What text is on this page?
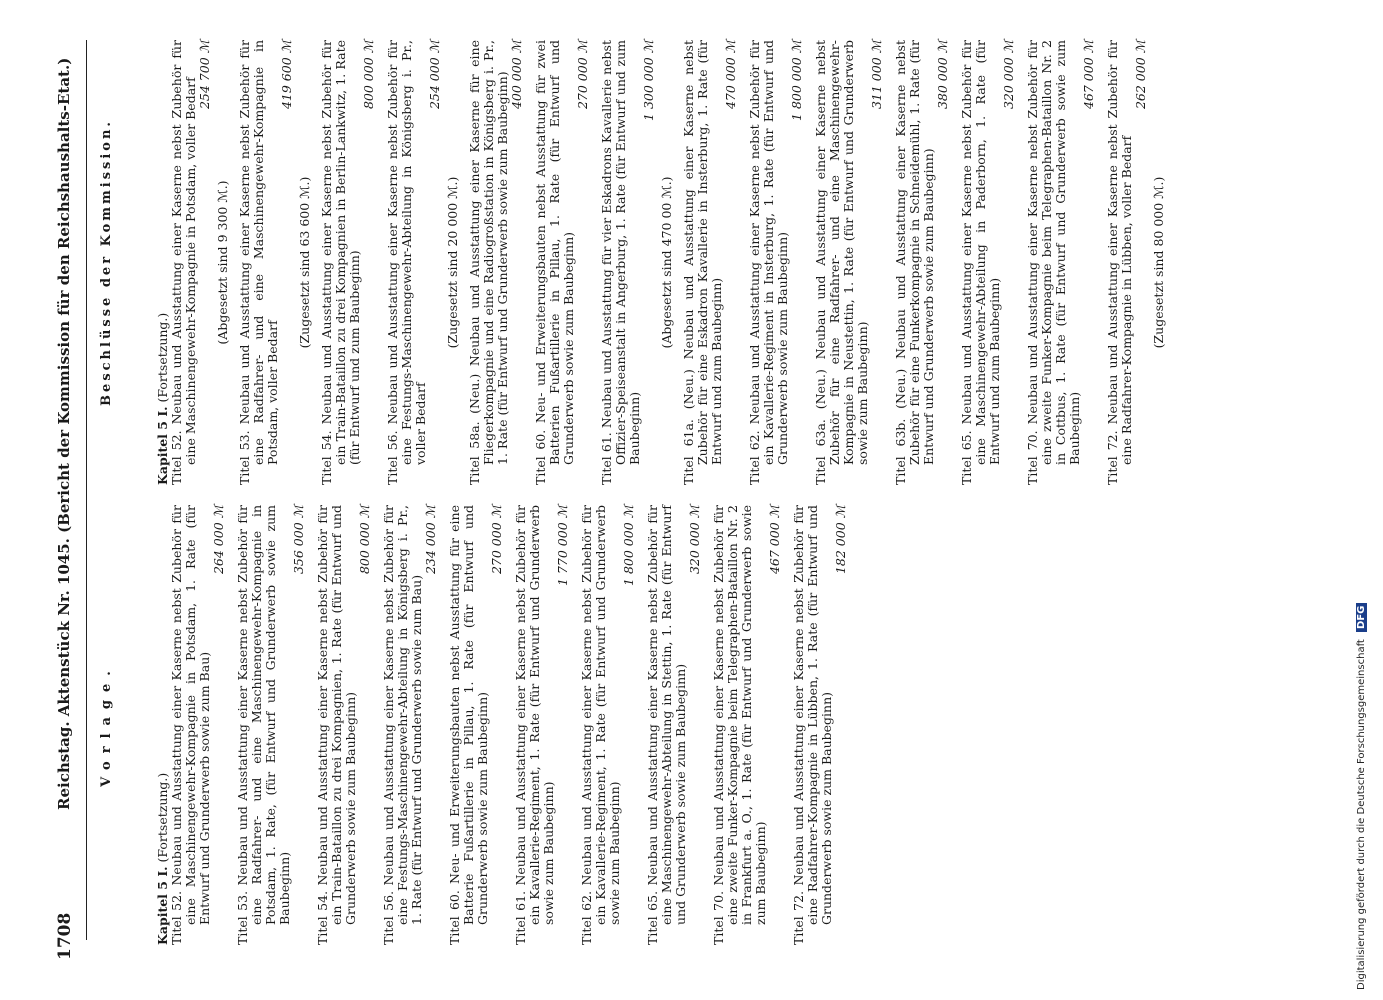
1708
Reichstag. Aktenstück Nr. 1045. (Bericht der Kommission für den Reichshaushalts-Etat.) Vorlage.
Kapitel 5 I. (Fortsetzung.) Titel 52. Neubau und Ausstattung einer Kaserne nebst Zubehör für eine Maschinengewehr-Kompagnie in Potsdam, 1. Rate (für Entwurf und Grunderwerb sowie zum Bau)

264 000 ℳ Titel 53. Neubau und Ausstattung einer Kaserne nebst Zubehör für eine Radfahrer- und eine Maschinengewehr-Kompagnie in Potsdam, 1. Rate, (für Entwurf und Grunderwerb sowie zum Baubeginn)

356 000 ℳ Titel 54. Neubau und Ausstattung einer Kaserne nebst Zubehör für ein Train-Bataillon zu drei Kompagnien, 1. Rate (für Entwurf und Grunderwerb sowie zum Baubeginn)

800 000 ℳ Titel 56. Neubau und Ausstattung einer Kaserne nebst Zubehör für eine Festungs-Maschinengewehr-Abteilung in Königsberg i. Pr., 1. Rate (für Entwurf und Grunderwerb sowie zum Bau)

234 000 ℳ Titel 60. Neu- und Erweiterungsbauten nebst Ausstattung für eine Batterie Fußartillerie in Pillau, 1. Rate (für Entwurf und Grunderwerb sowie zum Baubeginn)

270 000 ℳ Titel 61. Neubau und Ausstattung einer Kaserne nebst Zubehör für ein Kavallerie-Regiment, 1. Rate (für Entwurf und Grunderwerb sowie zum Baubeginn)

1 770 000 ℳ Titel 62. Neubau und Ausstattung einer Kaserne nebst Zubehör für ein Kavallerie-Regiment, 1. Rate (für Entwurf und Grunderwerb sowie zum Baubeginn)

1 800 000 ℳ Titel 65. Neubau und Ausstattung einer Kaserne nebst Zubehör für eine Maschinengewehr-Abteilung in Stettin, 1. Rate (für Entwurf und Grunderwerb sowie zum Baubeginn)

320 000 ℳ Titel 70. Neubau und Ausstattung einer Kaserne nebst Zubehör für eine zweite Funker-Kompagnie beim Telegraphen-Bataillon Nr. 2 in Frankfurt a. O., 1. Rate (für Entwurf und Grunderwerb sowie zum Baubeginn)

467 000 ℳ Titel 72. Neubau und Ausstattung einer Kaserne nebst Zubehör für eine Radfahrer-Kompagnie in Lübben, 1. Rate (für Entwurf und Grunderwerb sowie zum Baubeginn)

182 000 ℳ
Beschlüsse der Kommission.
Kapitel 5 I. (Fortsetzung.) Titel 52. Neubau und Ausstattung einer Kaserne nebst Zubehör für eine Maschinengewehr-Kompagnie in Potsdam, voller Bedarf

254 700 ℳ
(Abgesetzt sind 9 300 ℳ.) Titel 53. Neubau und Ausstattung einer Kaserne nebst Zubehör für eine Radfahrer- und eine Maschinengewehr-Kompagnie in Potsdam, voller Bedarf

419 600 ℳ
(Zugesetzt sind 63 600 ℳ.) Titel 54. Neubau und Ausstattung einer Kaserne nebst Zubehör für ein Train-Bataillon zu drei Kompagnien in Berlin-Lankwitz, 1. Rate (für Entwurf und zum Baubeginn)

800 000 ℳ Titel 56. Neubau und Ausstattung einer Kaserne nebst Zubehör für eine Festungs-Maschinengewehr-Abteilung in Königsberg i. Pr., voller Bedarf

254 000 ℳ
(Zugesetzt sind 20 000 ℳ.) Titel 58a. (Neu.) Neubau und Ausstattung einer Kaserne für eine Fliegerkompagnie und eine Radiogroßstation in Königsberg i. Pr., 1. Rate (für Entwurf und Grunderwerb sowie zum Baubeginn) 400 000 ℳ Titel 60. Neu- und Erweiterungsbauten nebst Ausstattung für zwei Batterien Fußartillerie in Pillau, 1. Rate (für Entwurf und Grunderwerb sowie zum Baubeginn)

270 000 ℳ Titel 61. Neubau und Ausstattung für vier Eskadrons Kavallerie nebst Offizier-Speiseanstalt in Angerburg, 1. Rate (für Entwurf und zum Baubeginn)

1 300 000 ℳ
(Abgesetzt sind 470 00 ℳ.) Titel 61a. (Neu.) Neubau und Ausstattung einer Kaserne nebst Zubehör für eine Eskadron Kavallerie in Insterburg, 1. Rate (für Entwurf und zum Baubeginn)

470 000 ℳ Titel 62. Neubau und Ausstattung einer Kaserne nebst Zubehör für ein Kavallerie-Regiment in Insterburg, 1. Rate (für Entwurf und Grunderwerb sowie zum Baubeginn)

1 800 000 ℳ Titel 63a. (Neu.) Neubau und Ausstattung einer Kaserne nebst Zubehör für eine Radfahrer- und eine Maschinengewehr-Kompagnie in Neustettin, 1. Rate (für Entwurf und Grunderwerb sowie zum Baubeginn)

311 000 ℳ Titel 63b. (Neu.) Neubau und Ausstattung einer Kaserne nebst Zubehör für eine Funkerkompagnie in Schneidemühl, 1. Rate (für Entwurf und Grunderwerb sowie zum Baubeginn)

380 000 ℳ Titel 65. Neubau und Ausstattung einer Kaserne nebst Zubehör für eine Maschinengewehr-Abteilung in Paderborn, 1. Rate (für Entwurf und zum Baubeginn)

320 000 ℳ Titel 70. Neubau und Ausstattung einer Kaserne nebst Zubehör für eine zweite Funker-Kompagnie beim Telegraphen-Bataillon Nr. 2 in Cottbus, 1. Rate (für Entwurf und Grunderwerb sowie zum Baubeginn)

467 000 ℳ Titel 72. Neubau und Ausstattung einer Kaserne nebst Zubehör für eine Radfahrer-Kompagnie in Lübben, voller Bedarf

262 000 ℳ
(Zugesetzt sind 80 000 ℳ.)
Digitalisierung gefördert durch die Deutsche Forschungsgemeinschaft DFG
